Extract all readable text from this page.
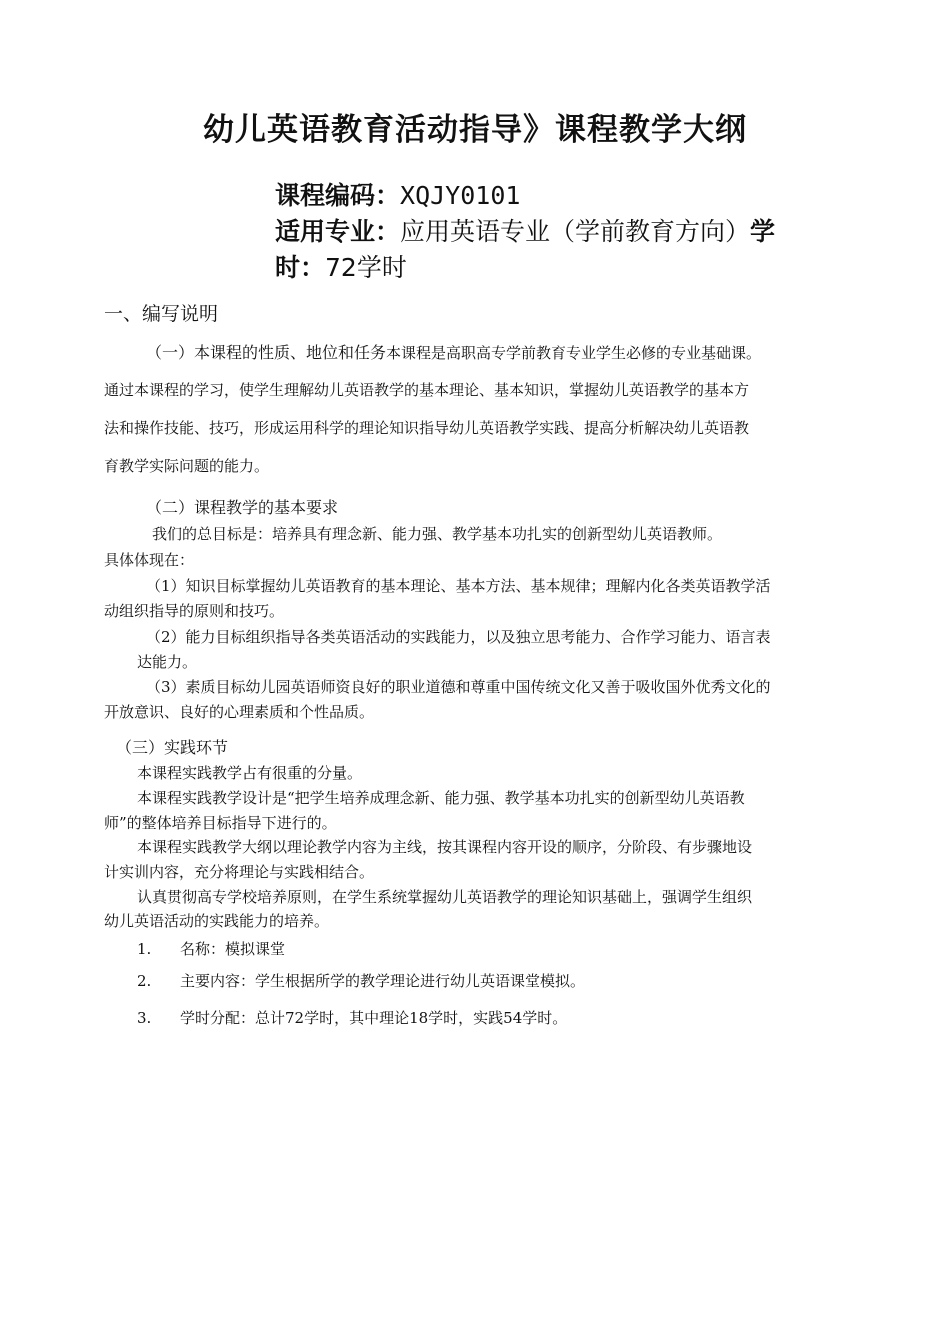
幼儿英语教育活动指导》课程教学大纲
课程编码：XQJY0101
适用专业：应用英语专业（学前教育方向）学
时：72学时
一、编写说明
（一）本课程的性质、地位和任务本课程是高职高专学前教育专业学生必修的专业基础课。
通过本课程的学习，使学生理解幼儿英语教学的基本理论、基本知识，掌握幼儿英语教学的基本方
法和操作技能、技巧，形成运用科学的理论知识指导幼儿英语教学实践、提高分析解决幼儿英语教
育教学实际问题的能力。
（二）课程教学的基本要求
我们的总目标是：培养具有理念新、能力强、教学基本功扎实的创新型幼儿英语教师。
具体体现在：
（1）知识目标掌握幼儿英语教育的基本理论、基本方法、基本规律；理解内化各类英语教学活
动组织指导的原则和技巧。
（2）能力目标组织指导各类英语活动的实践能力，以及独立思考能力、合作学习能力、语言表
达能力。
（3）素质目标幼儿园英语师资良好的职业道德和尊重中国传统文化又善于吸收国外优秀文化的
开放意识、良好的心理素质和个性品质。
（三）实践环节
本课程实践教学占有很重的分量。
本课程实践教学设计是“把学生培养成理念新、能力强、教学基本功扎实的创新型幼儿英语教
师”的整体培养目标指导下进行的。
本课程实践教学大纲以理论教学内容为主线，按其课程内容开设的顺序，分阶段、有步骤地设
计实训内容，充分将理论与实践相结合。
认真贯彻高专学校培养原则，在学生系统掌握幼儿英语教学的理论知识基础上，强调学生组织
幼儿英语活动的实践能力的培养。
1. 名称：模拟课堂
2. 主要内容：学生根据所学的教学理论进行幼儿英语课堂模拟。
3. 学时分配：总计72学时，其中理论18学时，实践54学时。
